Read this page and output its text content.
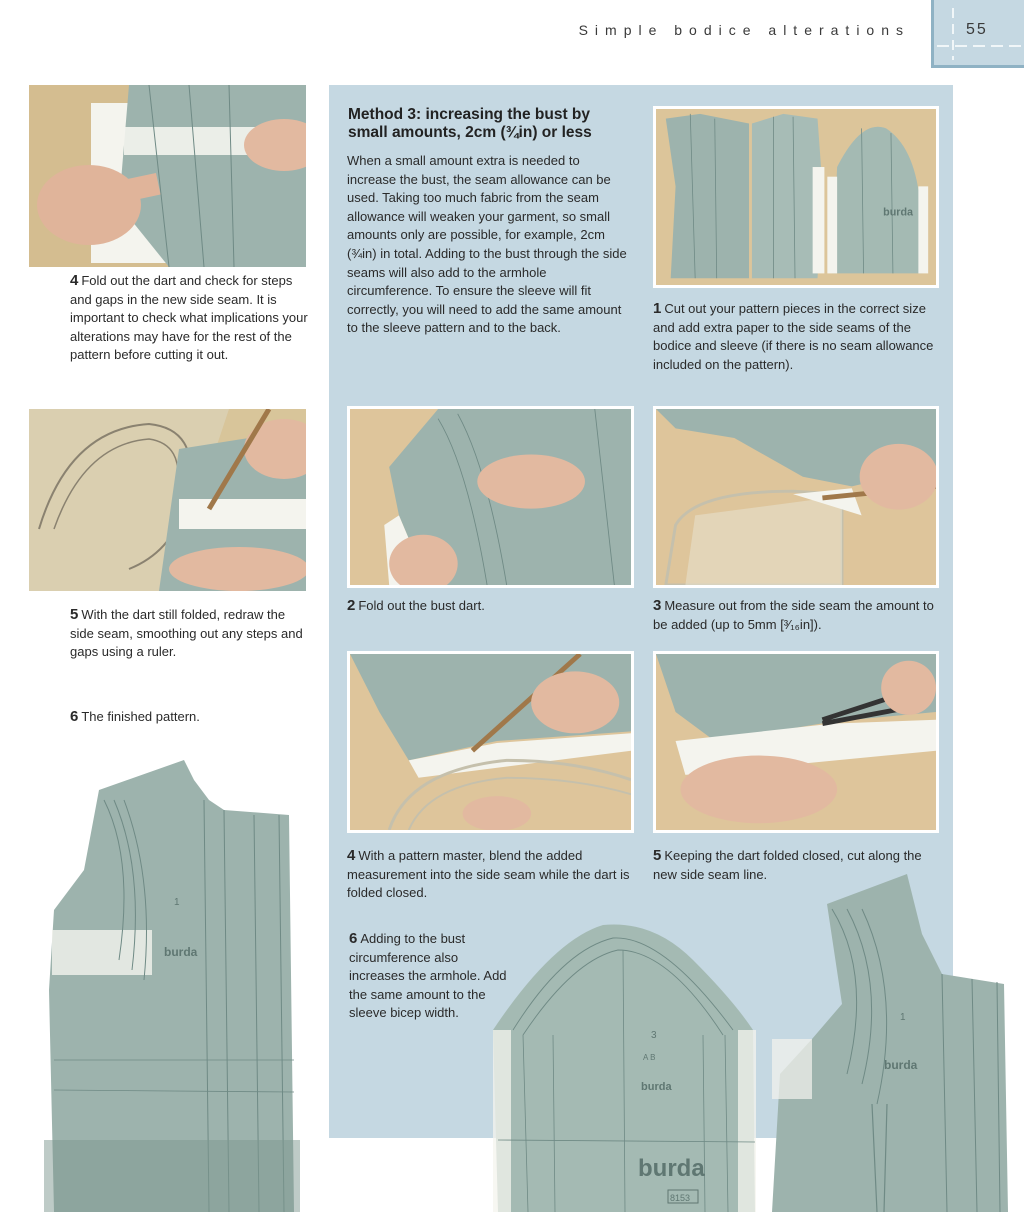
Simple bodice alterations	55
4 Fold out the dart and check for steps and gaps in the new side seam. It is important to check what implications your alterations may have for the rest of the pattern before cutting it out.
5 With the dart still folded, redraw the side seam, smoothing out any steps and gaps using a ruler.
6 The finished pattern.
1
burda
Method 3: increasing the bust by small amounts, 2cm (¾in) or less
When a small amount extra is needed to increase the bust, the seam allowance can be used. Taking too much fabric from the seam allowance will weaken your garment, so small amounts only are possible, for example, 2cm (¾in) in total. Adding to the bust through the side seams will also add to the armhole circumference. To ensure the sleeve will fit correctly, you will need to add the same amount to the sleeve pattern and to the back.
burda
1 Cut out your pattern pieces in the correct size and add extra paper to the side seams of the bodice and sleeve (if there is no seam allowance included on the pattern).
2 Fold out the bust dart.	3 Measure out from the side seam the amount to be added (up to 5mm [³⁄₁₆in]).
4 With a pattern master, blend the added measurement into the side seam while the dart is folded closed.
5 Keeping the dart folded closed, cut along the new side seam line.
6 Adding to the bust circumference also increases the armhole. Add the same amount to the sleeve bicep width.
3
A B
burda
burda
8153
1
burda
